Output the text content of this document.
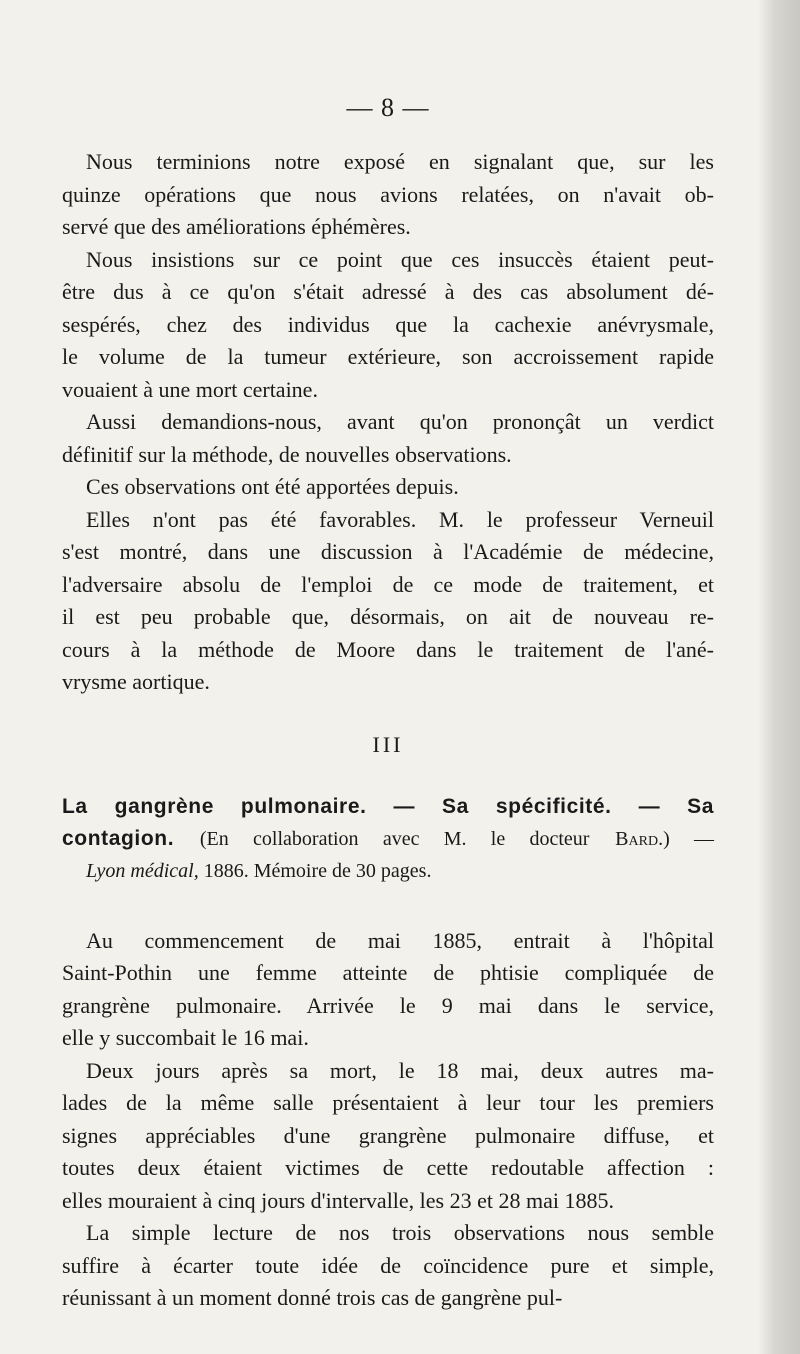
— 8 —
Nous terminions notre exposé en signalant que, sur les
quinze opérations que nous avions relatées, on n'avait ob-
servé que des améliorations éphémères.
Nous insistions sur ce point que ces insuccès étaient peut-
être dus à ce qu'on s'était adressé à des cas absolument dé-
sespérés, chez des individus que la cachexie anévrysmale,
le volume de la tumeur extérieure, son accroissement rapide
vouaient à une mort certaine.
Aussi demandions-nous, avant qu'on prononçât un verdict
définitif sur la méthode, de nouvelles observations.
Ces observations ont été apportées depuis.
Elles n'ont pas été favorables. M. le professeur Verneuil
s'est montré, dans une discussion à l'Académie de médecine,
l'adversaire absolu de l'emploi de ce mode de traitement, et
il est peu probable que, désormais, on ait de nouveau re-
cours à la méthode de Moore dans le traitement de l'ané-
vrysme aortique.
III
La gangrène pulmonaire. — Sa spécificité. — Sa
contagion. (En collaboration avec M. le docteur Bard.) —
Lyon médical, 1886. Mémoire de 30 pages.
Au commencement de mai 1885, entrait à l'hôpital
Saint-Pothin une femme atteinte de phtisie compliquée de
grangrène pulmonaire. Arrivée le 9 mai dans le service,
elle y succombait le 16 mai.
Deux jours après sa mort, le 18 mai, deux autres ma-
lades de la même salle présentaient à leur tour les premiers
signes appréciables d'une grangrène pulmonaire diffuse, et
toutes deux étaient victimes de cette redoutable affection :
elles mouraient à cinq jours d'intervalle, les 23 et 28 mai 1885.
La simple lecture de nos trois observations nous semble
suffire à écarter toute idée de coïncidence pure et simple,
réunissant à un moment donné trois cas de gangrène pul-
